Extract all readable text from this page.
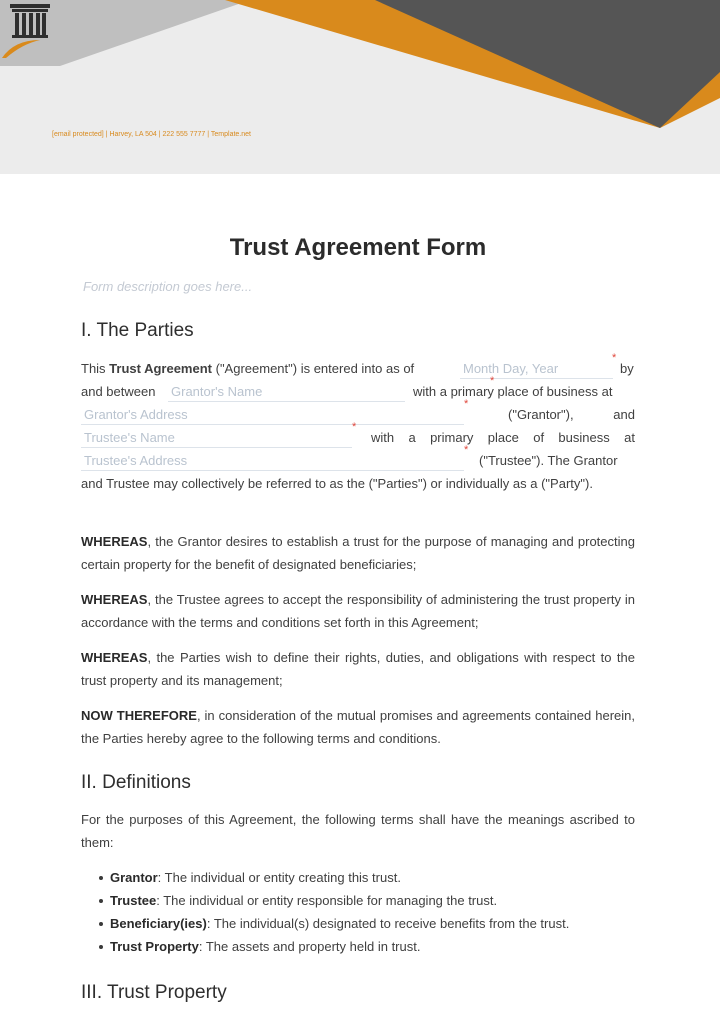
[email protected] | Harvey, LA 504 | 222 555 7777 | Template.net
Trust Agreement Form
Form description goes here...
I. The Parties
This Trust Agreement ("Agreement") is entered into as of	Month Day, Year
*
by
and between Grantor's Name
*
with a primary place of business at
Grantor's Address
*
("Grantor"),	and
Trustee's Name
*
with a primary place of business at
Trustee's Address
*
("Trustee"). The Grantor

and Trustee may collectively be referred to as the ("Parties") or individually as a ("Party").

WHEREAS, the Grantor desires to establish a trust for the purpose of managing and protecting certain property for the benefit of designated beneficiaries;

WHEREAS, the Trustee agrees to accept the responsibility of administering the trust property in accordance with the terms and conditions set forth in this Agreement;

WHEREAS, the Parties wish to define their rights, duties, and obligations with respect to the trust property and its management;

NOW THEREFORE, in consideration of the mutual promises and agreements contained herein, the Parties hereby agree to the following terms and conditions.

II. Definitions

For the purposes of this Agreement, the following terms shall have the meanings ascribed to them:

Grantor: The individual or entity creating this trust.
Trustee: The individual or entity responsible for managing the trust.
Beneficiary(ies): The individual(s) designated to receive benefits from the trust.
Trust Property: The assets and property held in trust.
III. Trust Property
